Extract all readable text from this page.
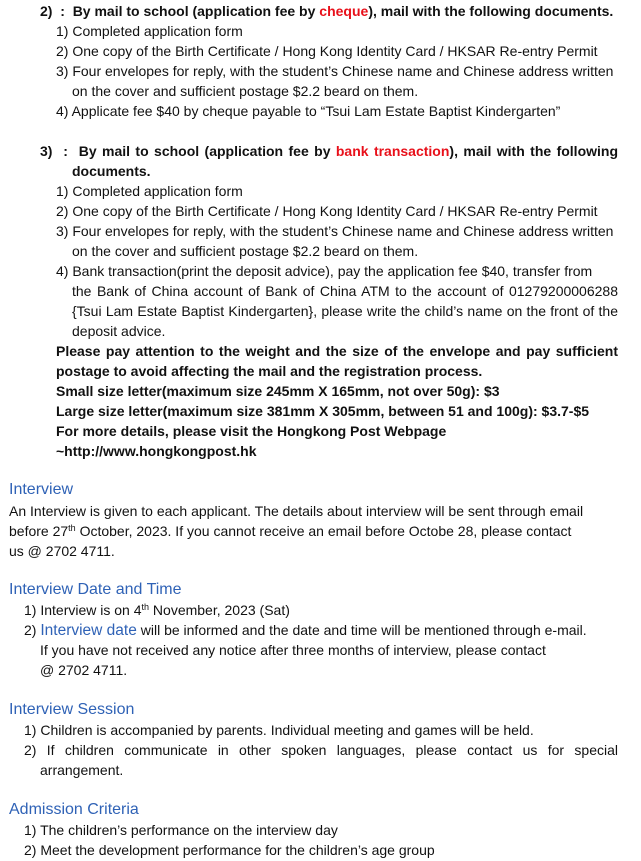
2) : By mail to school (application fee by cheque), mail with the following documents.
1) Completed application form
2) One copy of the Birth Certificate / Hong Kong Identity Card / HKSAR Re-entry Permit
3) Four envelopes for reply, with the student’s Chinese name and Chinese address written
on the cover and sufficient postage $2.2 beard on them.
4) Applicate fee $40 by cheque payable to “Tsui Lam Estate Baptist Kindergarten”
3) : By mail to school (application fee by bank transaction), mail with the following
documents.
1) Completed application form
2) One copy of the Birth Certificate / Hong Kong Identity Card / HKSAR Re-entry Permit
3) Four envelopes for reply, with the student’s Chinese name and Chinese address written
on the cover and sufficient postage $2.2 beard on them.
4) Bank transaction(print the deposit advice), pay the application fee $40, transfer from
the Bank of China account of Bank of China ATM to the account of 01279200006288
{Tsui Lam Estate Baptist Kindergarten}, please write the child’s name on the front of the
deposit advice.
Please pay attention to the weight and the size of the envelope and pay sufficient
postage to avoid affecting the mail and the registration process.
Small size letter(maximum size 245mm X 165mm, not over 50g): $3
Large size letter(maximum size 381mm X 305mm, between 51 and 100g): $3.7-$5
For more details, please visit the Hongkong Post Webpage
~http://www.hongkongpost.hk
Interview
An Interview is given to each applicant. The details about interview will be sent through email
before 27th October, 2023. If you cannot receive an email before Octobe 28, please contact
us @ 2702 4711.
Interview Date and Time
1) Interview is on 4th November, 2023 (Sat)
2) Interview date will be informed and the date and time will be mentioned through e-mail.
If you have not received any notice after three months of interview, please contact
@ 2702 4711.
Interview Session
1) Children is accompanied by parents. Individual meeting and games will be held.
2) If children communicate in other spoken languages, please contact us for special
arrangement.
Admission Criteria
1) The children’s performance on the interview day
2) Meet the development performance for the children’s age group
